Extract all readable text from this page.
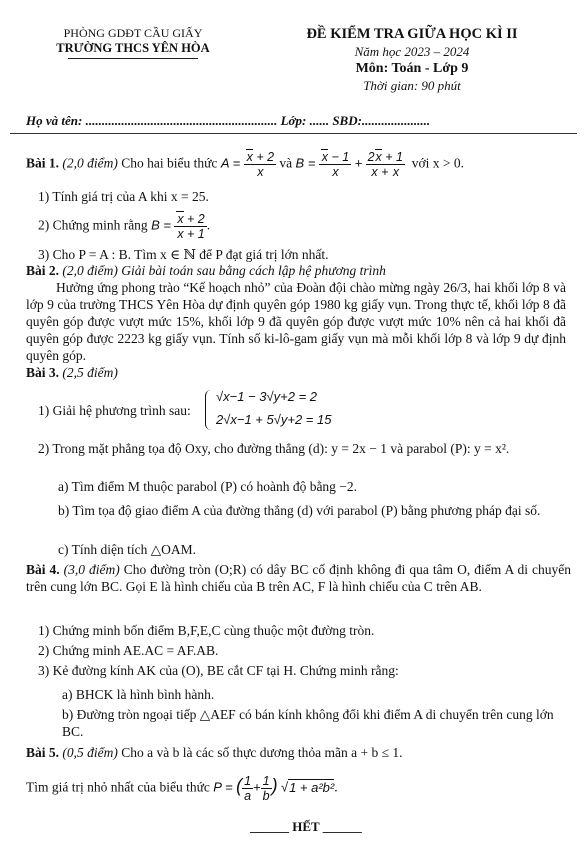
PHÒNG GDĐT CẦU GIẤY
TRƯỜNG THCS YÊN HÒA
ĐỀ KIỂM TRA GIỮA HỌC KÌ II
Năm học 2023 – 2024
Môn: Toán - Lớp 9
Thời gian: 90 phút
Họ và tên: ........................................................... Lớp: ...... SBD:.....................
Bài 1. (2,0 điểm) Cho hai biểu thức $A = \frac{x + 2}{x}$ và $B = \frac{x - 1}{x} + \frac{2x + 1}{x + x}$ với x > 0.
1) Tính giá trị của A khi x = 25.
2) Chứng minh rằng $B = \frac{x + 2}{x + 1}$ .
3) Cho P = A : B. Tìm x ∈ ℕ để P đạt giá trị lớn nhất.
Bài 2. (2,0 điểm) Giải bài toán sau bằng cách lập hệ phương trình
Hưởng ứng phong trào “Kế hoạch nhỏ” của Đoàn đội chào mừng ngày 26/3, hai khối lớp 8 và lớp 9 của trường THCS Yên Hòa dự định quyên góp 1980 kg giấy vụn. Trong thực tế, khối lớp 8 đã quyên góp được vượt mức 15%, khối lớp 9 đã quyên góp được vượt mức 10% nên cả hai khối đã quyên góp được 2223 kg giấy vụn. Tính số ki-lô-gam giấy vụn mà mỗi khối lớp 8 và lớp 9 dự định quyên góp.
Bài 3. (2,5 điểm)
1) Giải hệ phương trình sau:
√x−1 − 3√y+2 = 2
2√x−1 + 5√y+2 = 15
2) Trong mặt phẳng tọa độ Oxy, cho đường thẳng (d): y = 2x − 1 và parabol (P): y = x².
a) Tìm điểm M thuộc parabol (P) có hoành độ bằng −2.
b) Tìm tọa độ giao điểm A của đường thẳng (d) với parabol (P) bằng phương pháp đại số.
c) Tính diện tích △OAM.
Bài 4. (3,0 điểm) Cho đường tròn (O;R) có dây BC cố định không đi qua tâm O, điểm A di chuyển trên cung lớn BC. Gọi E là hình chiếu của B trên AC, F là hình chiếu của C trên AB.
1) Chứng minh bốn điểm B,F,E,C cùng thuộc một đường tròn.
2) Chứng minh AE.AC = AF.AB.
3) Kẻ đường kính AK của (O), BE cắt CF tại H. Chứng minh rằng:
a) BHCK là hình bình hành.
b) Đường tròn ngoại tiếp △AEF có bán kính không đổi khi điểm A di chuyển trên cung lớn BC.
Bài 5. (0,5 điểm) Cho a và b là các số thực dương thỏa mãn a + b ≤ 1.
Tìm giá trị nhỏ nhất của biểu thức P = ( $\frac{1}{a} + \frac{1}{b}$ ) √1 + a²b².
______ HẾT ______
